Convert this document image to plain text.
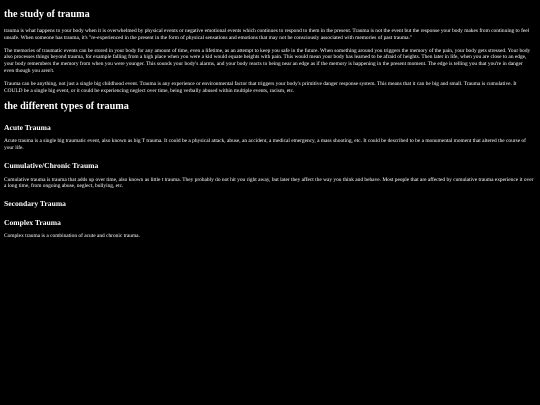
the study of trauma

trauma is what happens to your body when it is overwhelmed by physical events or negative emotional events which continues to respond to them in the present. Trauma is not the event but the response your body makes from continuing to feel unsafe. When someone has trauma, it's "re-experienced in the present in the form of physical sensations and emotions that may not be consciously associated with memories of past trauma."

The memories of traumatic events can be stored in your body for any amount of time, even a lifetime, as an attempt to keep you safe in the future. When something around you triggers the memory of the pain, your body gets stressed. Your body also processes things beyond trauma, for example falling from a high place when you were a kid would equate heights with pain. This would mean your body has learned to be afraid of heights. Then later in life, when you are close to an edge, your body remembers the memory from when you were younger. This sounds your body's alarms, and your body reacts to being near an edge as if the memory is happening in the present moment. The edge is telling you that you're in danger even though you aren't.

Trauma can be anything, not just a single big childhood event. Trauma is any experience or environmental factor that triggers your body's primitive danger response system. This means that it can be big and small. Trauma is cumulative. It COULD be a single big event, or it could be experiencing neglect over time, being verbally abused within multiple events, racism, etc.

the different types of trauma
Acute Trauma

Acute trauma is a single big traumatic event, also known as big T trauma. It could be a physical attack, abuse, an accident, a medical emergency, a mass shooting, etc. It could be described to be a monumental moment that altered the course of your life.

Cumulative/Chronic Trauma

Cumulative trauma is trauma that adds up over time, also known as little t trauma. They probably do not hit you right away, but later they affect the way you think and behave. Most people that are affected by cumulative trauma experience it over a long time, from ongoing abuse, neglect, bullying, etc.

Secondary Trauma
Complex Trauma

Complex trauma is a combination of acute and chronic trauma.
